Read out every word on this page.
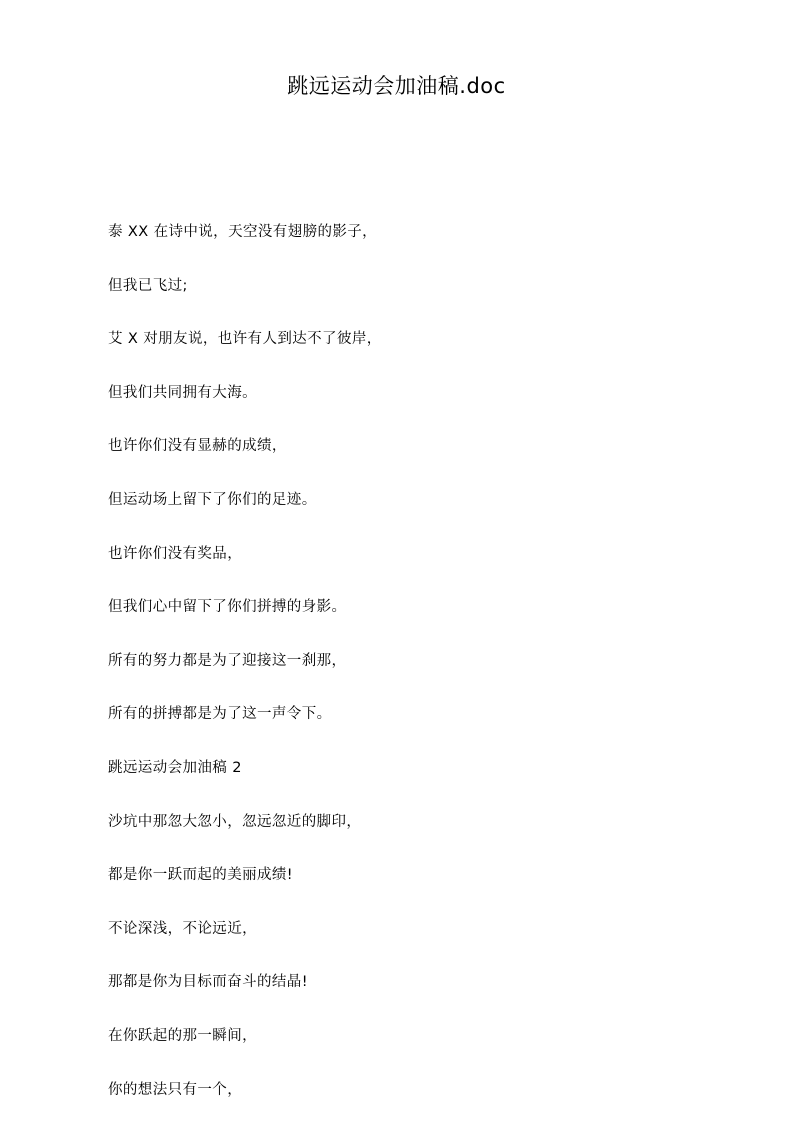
跳远运动会加油稿.doc
泰 XX 在诗中说，天空没有翅膀的影子，
但我已飞过;
艾 X 对朋友说，也许有人到达不了彼岸，
但我们共同拥有大海。
也许你们没有显赫的成绩，
但运动场上留下了你们的足迹。
也许你们没有奖品，
但我们心中留下了你们拼搏的身影。
所有的努力都是为了迎接这一刹那，
所有的拼搏都是为了这一声令下。
跳远运动会加油稿 2
沙坑中那忽大忽小，忽远忽近的脚印，
都是你一跃而起的美丽成绩!
不论深浅，不论远近，
那都是你为目标而奋斗的结晶!
在你跃起的那一瞬间，
你的想法只有一个，
